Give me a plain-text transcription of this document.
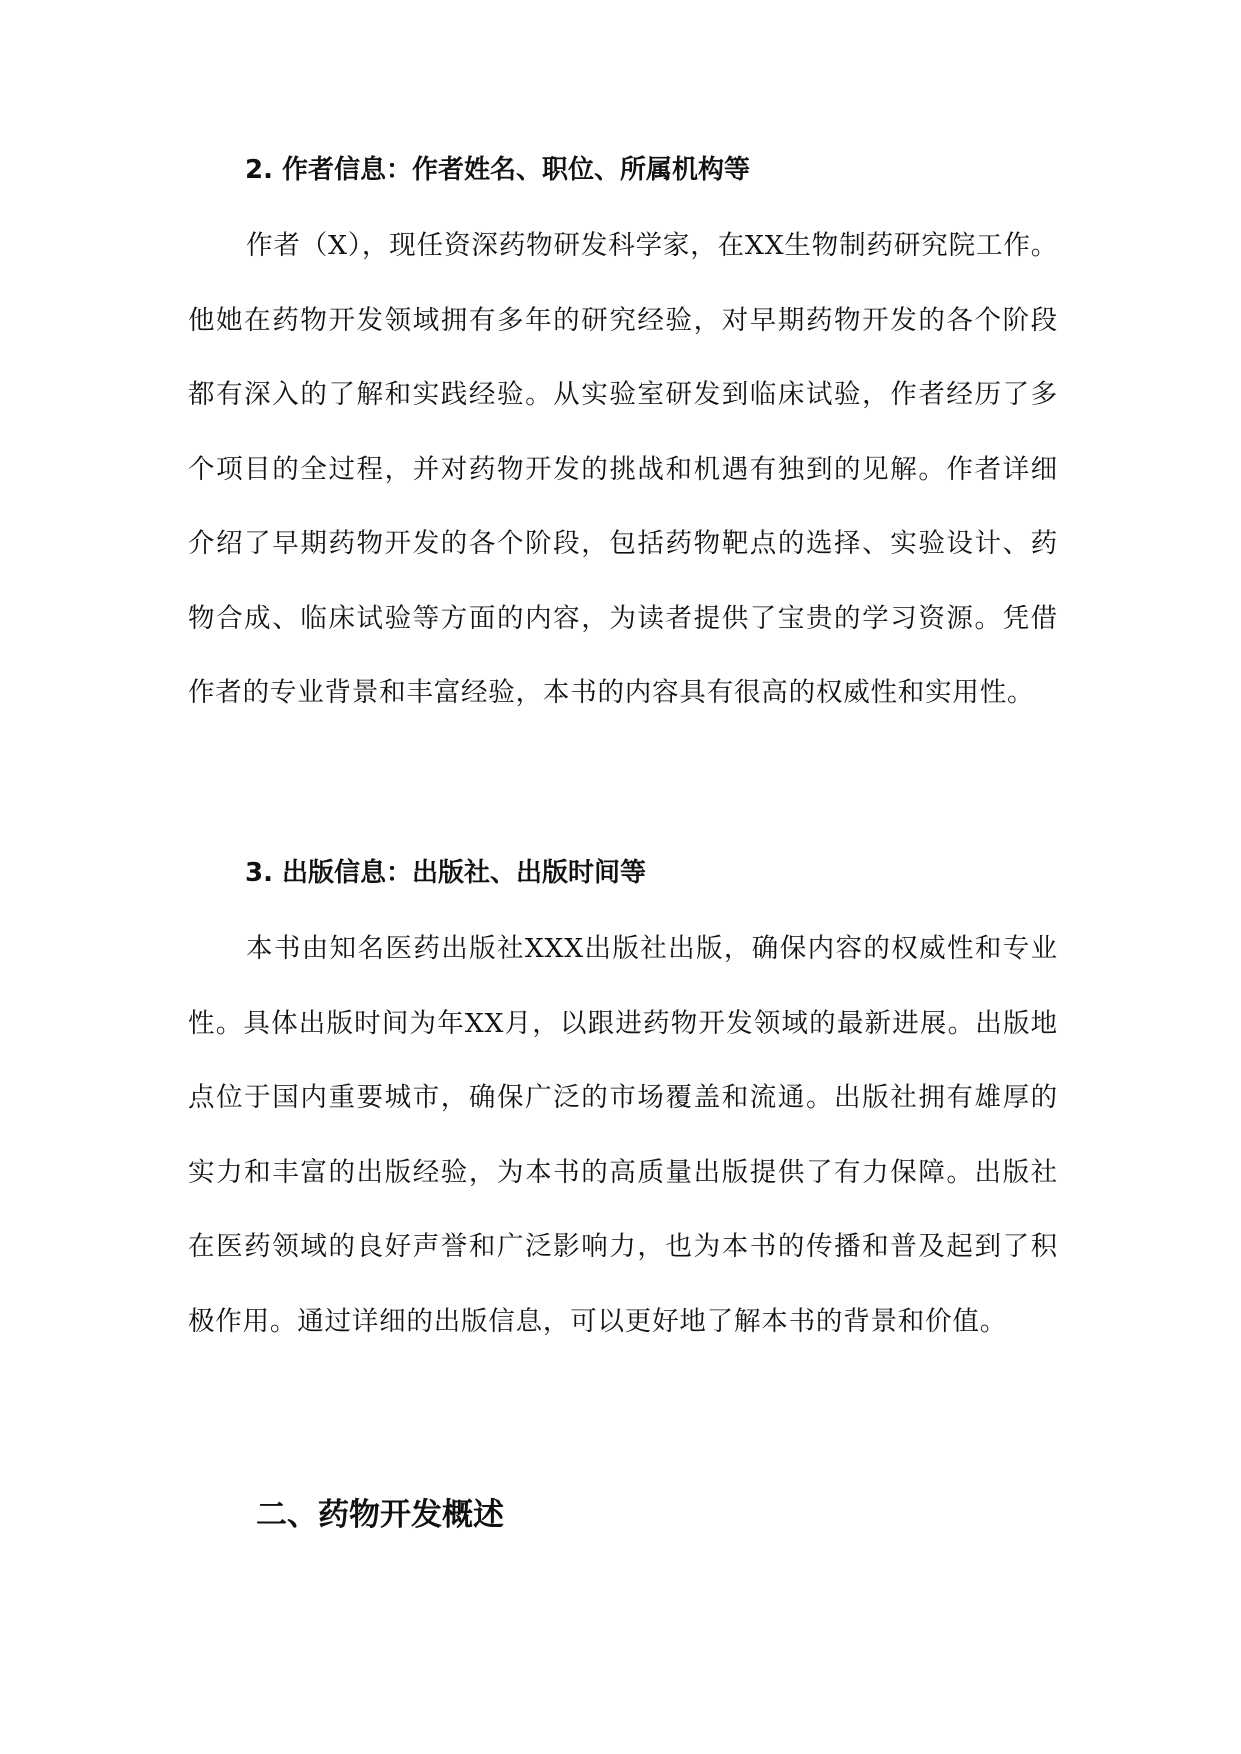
2. 作者信息：作者姓名、职位、所属机构等

作者（X），现任资深药物研发科学家，在XX生物制药研究院工作。他她在药物开发领域拥有多年的研究经验，对早期药物开发的各个阶段都有深入的了解和实践经验。从实验室研发到临床试验，作者经历了多个项目的全过程，并对药物开发的挑战和机遇有独到的见解。作者详细介绍了早期药物开发的各个阶段，包括药物靶点的选择、实验设计、药物合成、临床试验等方面的内容，为读者提供了宝贵的学习资源。凭借作者的专业背景和丰富经验，本书的内容具有很高的权威性和实用性。

3. 出版信息：出版社、出版时间等

本书由知名医药出版社XXX出版社出版，确保内容的权威性和专业性。具体出版时间为年XX月，以跟进药物开发领域的最新进展。出版地点位于国内重要城市，确保广泛的市场覆盖和流通。出版社拥有雄厚的实力和丰富的出版经验，为本书的高质量出版提供了有力保障。出版社在医药领域的良好声誉和广泛影响力，也为本书的传播和普及起到了积极作用。通过详细的出版信息，可以更好地了解本书的背景和价值。

二、药物开发概述
